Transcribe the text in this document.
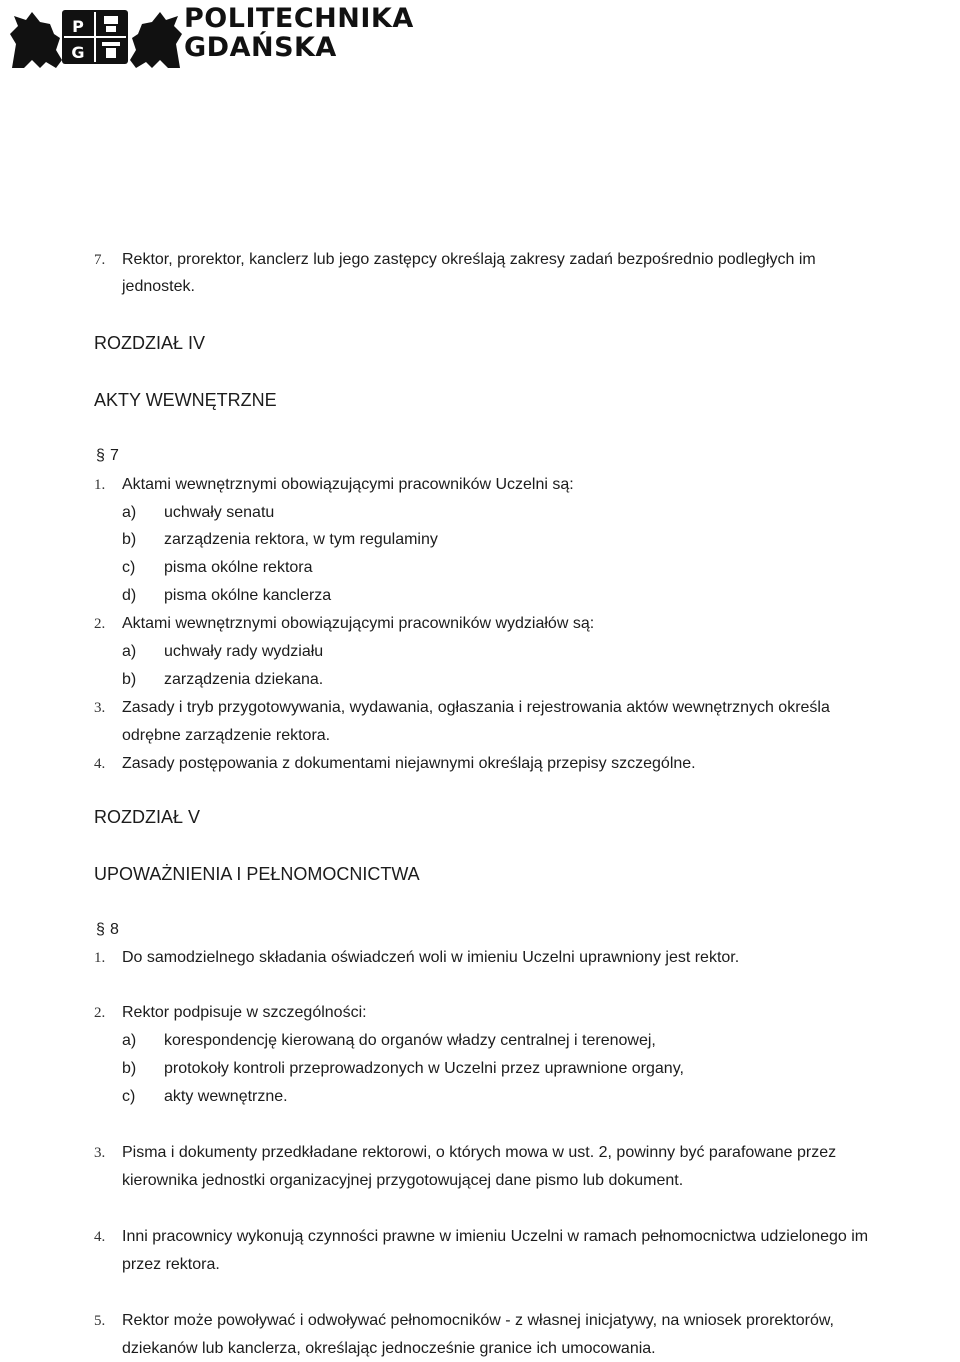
P
G
POLITECHNIKA
GDAŃSKA
7. Rektor, prorektor, kanclerz lub jego zastępcy określają zakresy zadań bezpośrednio podległych im
jednostek.
ROZDZIAŁ IV
AKTY WEWNĘTRZNE
§ 7
1. Aktami wewnętrznymi obowiązującymi pracowników Uczelni są:
a) uchwały senatu
b) zarządzenia rektora, w tym regulaminy
c) pisma okólne rektora
d) pisma okólne kanclerza
2. Aktami wewnętrznymi obowiązującymi pracowników wydziałów są:
a) uchwały rady wydziału
b) zarządzenia dziekana.
3. Zasady i tryb przygotowywania, wydawania, ogłaszania i rejestrowania aktów wewnętrznych określa
odrębne zarządzenie rektora.
4. Zasady postępowania z dokumentami niejawnymi określają przepisy szczególne.
ROZDZIAŁ V
UPOWAŻNIENIA I PEŁNOMOCNICTWA
§ 8
1. Do samodzielnego składania oświadczeń woli w imieniu Uczelni uprawniony jest rektor.
2. Rektor podpisuje w szczególności:
a) korespondencję kierowaną do organów władzy centralnej i terenowej,
b) protokoły kontroli przeprowadzonych w Uczelni przez uprawnione organy,
c) akty wewnętrzne.
3. Pisma i dokumenty przedkładane rektorowi, o których mowa w ust. 2, powinny być parafowane przez
kierownika jednostki organizacyjnej przygotowującej dane pismo lub dokument.
4. Inni pracownicy wykonują czynności prawne w imieniu Uczelni w ramach pełnomocnictwa udzielonego im
przez rektora.
5. Rektor może powoływać i odwoływać pełnomocników - z własnej inicjatywy, na wniosek prorektorów,
dziekanów lub kanclerza, określając jednocześnie granice ich umocowania.
